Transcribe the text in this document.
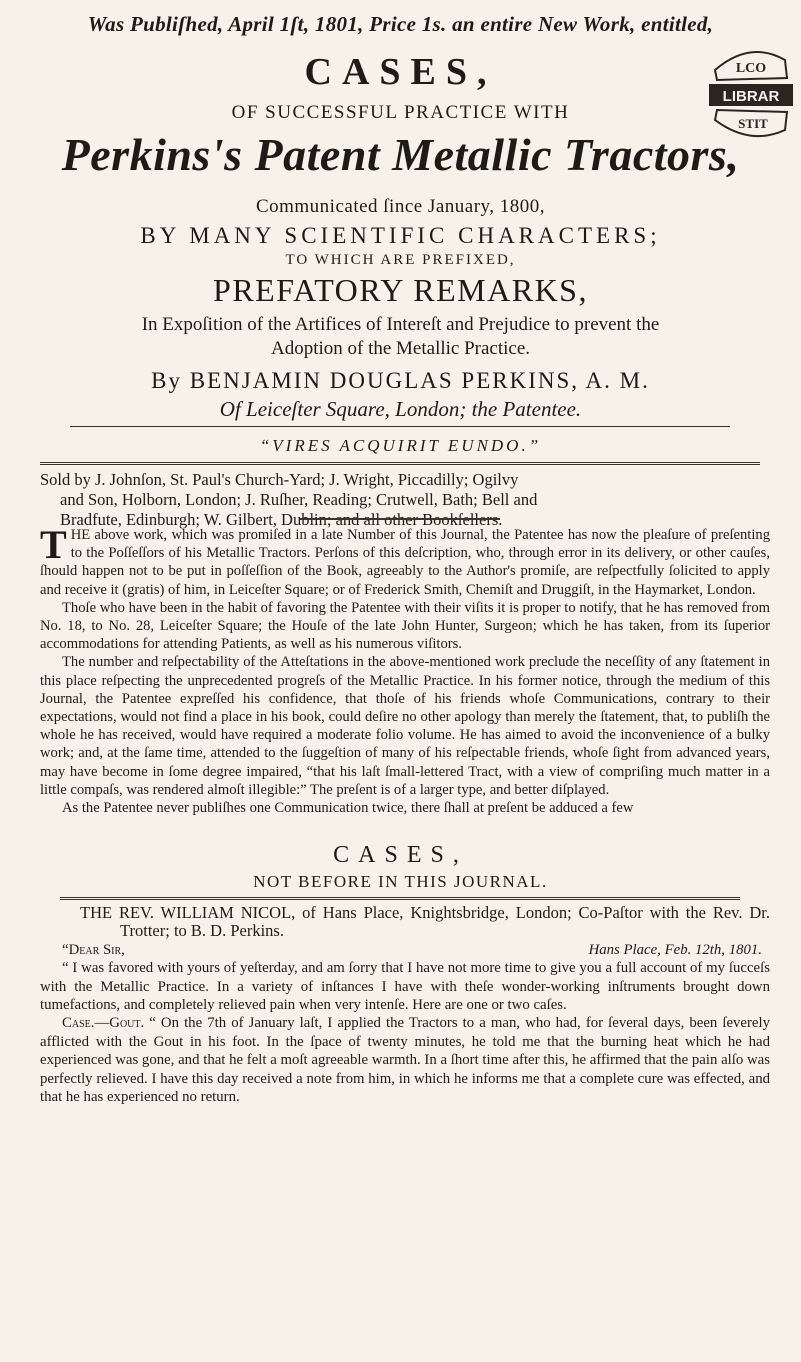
Was Publiſhed, April 1ſt, 1801, Price 1s. an entire New Work, entitled,
CASES,
OF SUCCESSFUL PRACTICE WITH
Perkins's Patent Metallic Tractors,
Communicated ſince January, 1800,
BY MANY SCIENTIFIC CHARACTERS;
TO WHICH ARE PREFIXED,
PREFATORY REMARKS,
In Expoſition of the Artifices of Intereſt and Prejudice to prevent the
Adoption of the Metallic Practice.
By BENJAMIN DOUGLAS PERKINS, A. M.
Of Leiceſter Square, London; the Patentee.
“VIRES ACQUIRIT EUNDO.”
LCO
LIBRAR
STIT
Sold by J. Johnſon, St. Paul's Church-Yard; J. Wright, Piccadilly; Ogilvy
and Son, Holborn, London; J. Ruſher, Reading; Crutwell, Bath; Bell and
Bradfute, Edinburgh; W. Gilbert, Dublin; and all other Bookſellers.

THE above work, which was promiſed in a late Number of this Journal, the Patentee has now the pleaſure of preſenting to the Poſſeſſors of his Metallic Tractors. Perſons of this deſcription, who, through error in its delivery, or other cauſes, ſhould happen not to be put in poſſeſſion of the Book, agreeably to the Author's promiſe, are reſpectfully ſolicited to apply and receive it (gratis) of him, in Leiceſter Square; or of Frederick Smith, Chemiſt and Druggiſt, in the Haymarket, London.

Thoſe who have been in the habit of favoring the Patentee with their viſits it is proper to notify, that he has removed from No. 18, to No. 28, Leiceſter Square; the Houſe of the late John Hunter, Surgeon; which he has taken, from its ſuperior accommodations for attending Patients, as well as his numerous viſitors.

The number and reſpectability of the Atteſtations in the above-mentioned work preclude the neceſſity of any ſtatement in this place reſpecting the unprecedented progreſs of the Metallic Practice. In his former notice, through the medium of this Journal, the Patentee expreſſed his confidence, that thoſe of his friends whoſe Communications, contrary to their expectations, would not find a place in his book, could deſire no other apology than merely the ſtatement, that, to publiſh the whole he has received, would have required a moderate folio volume. He has aimed to avoid the inconvenience of a bulky work; and, at the ſame time, attended to the ſuggeſtion of many of his reſpectable friends, whoſe ſight from advanced years, may have become in ſome degree impaired, “that his laſt ſmall-lettered Tract, with a view of compriſing much matter in a little compaſs, was rendered almoſt illegible:” The preſent is of a larger type, and better diſplayed.

As the Patentee never publiſhes one Communication twice, there ſhall at preſent be adduced a few

CASES,
NOT BEFORE IN THIS JOURNAL.

THE REV. WILLIAM NICOL, of Hans Place, Knightsbridge, London; Co-Paſtor with the Rev. Dr. Trotter; to B. D. Perkins.

“Dear Sir,	Hans Place, Feb. 12th, 1801.

“ I was favored with yours of yeſterday, and am ſorry that I have not more time to give you a full account of my ſucceſs with the Metallic Practice. In a variety of inſtances I have with theſe wonder-working inſtruments brought down tumefactions, and completely relieved pain when very intenſe. Here are one or two caſes.

Case.—Gout. “ On the 7th of January laſt, I applied the Tractors to a man, who had, for ſeveral days, been ſeverely afflicted with the Gout in his foot. In the ſpace of twenty minutes, he told me that the burning heat which he had experienced was gone, and that he felt a moſt agreeable warmth. In a ſhort time after this, he affirmed that the pain alſo was perfectly relieved. I have this day received a note from him, in which he informs me that a complete cure was effected, and that he has experienced no return.
